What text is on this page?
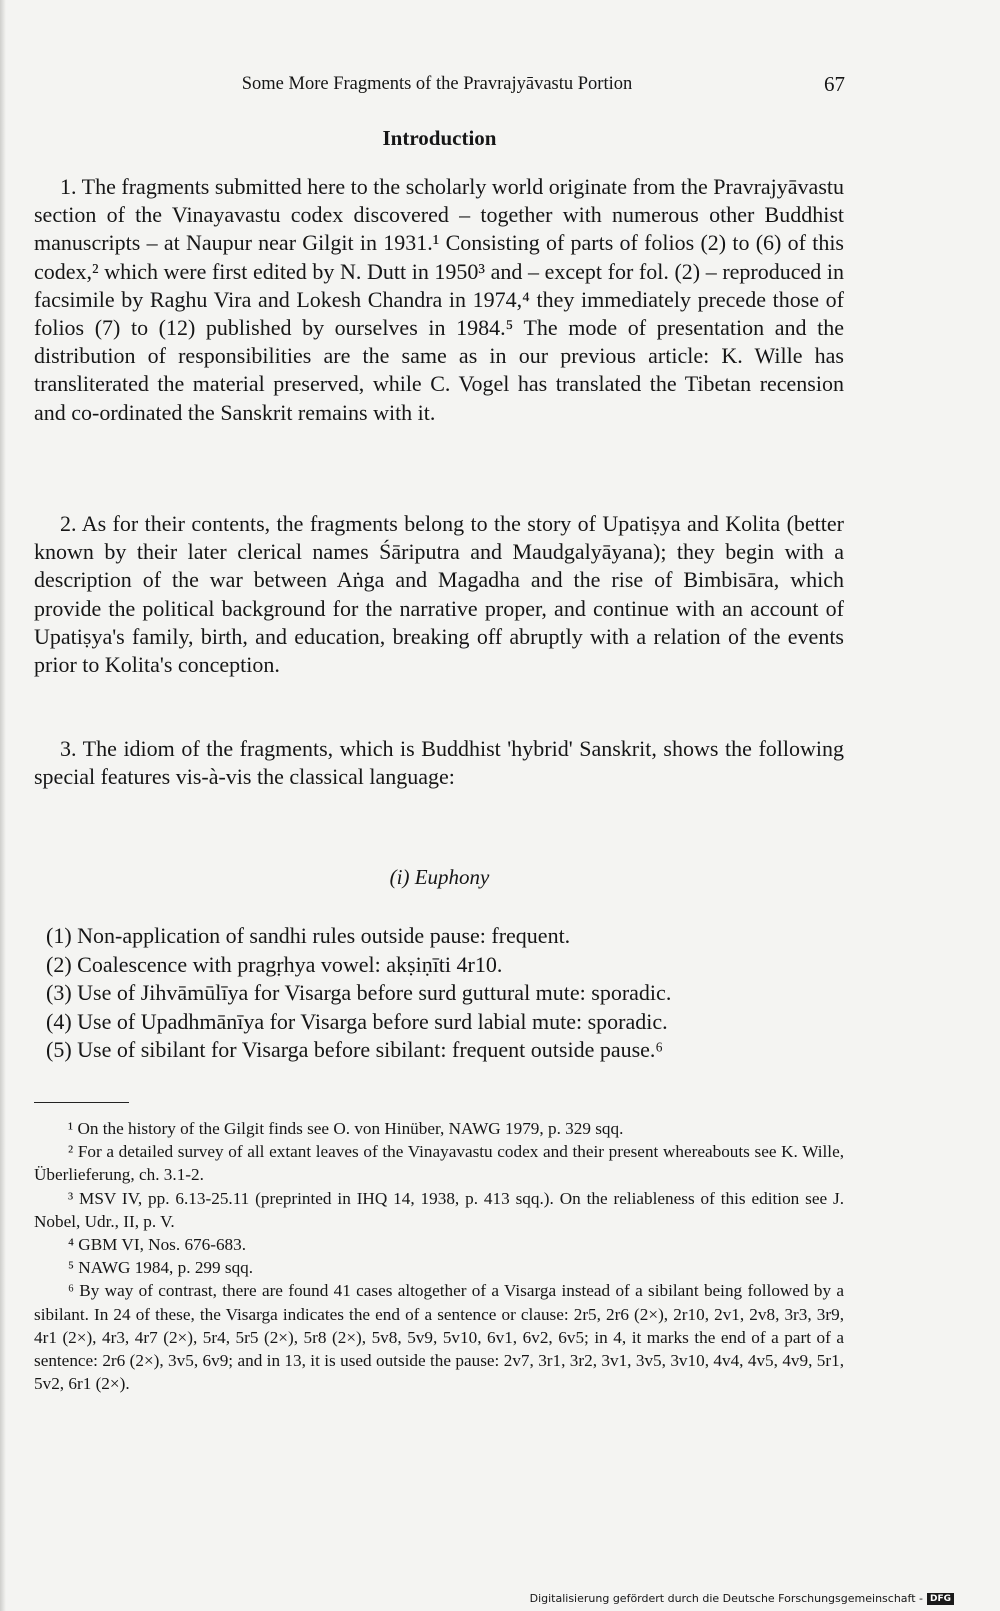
Some More Fragments of the Pravrajyāvastu Portion	67
Introduction

1. The fragments submitted here to the scholarly world originate from the Pravrajyāvastu section of the Vinayavastu codex discovered – together with numerous other Buddhist manuscripts – at Naupur near Gilgit in 1931.¹ Consisting of parts of folios (2) to (6) of this codex,² which were first edited by N. Dutt in 1950³ and – except for fol. (2) – reproduced in facsimile by Raghu Vira and Lokesh Chandra in 1974,⁴ they immediately precede those of folios (7) to (12) published by ourselves in 1984.⁵ The mode of presentation and the distribution of responsibilities are the same as in our previous article: K. Wille has transliterated the material preserved, while C. Vogel has translated the Tibetan recension and co-ordinated the Sanskrit remains with it.

2. As for their contents, the fragments belong to the story of Upatiṣya and Kolita (better known by their later clerical names Śāriputra and Maudgalyāyana); they begin with a description of the war between Aṅga and Magadha and the rise of Bimbisāra, which provide the political background for the narrative proper, and continue with an account of Upatiṣya's family, birth, and education, breaking off abruptly with a relation of the events prior to Kolita's conception.

3. The idiom of the fragments, which is Buddhist 'hybrid' Sanskrit, shows the following special features vis-à-vis the classical language:

(i) Euphony
(1) Non-application of sandhi rules outside pause: frequent.
(2) Coalescence with pragṛhya vowel: akṣiṇīti 4r10.
(3) Use of Jihvāmūlīya for Visarga before surd guttural mute: sporadic.
(4) Use of Upadhmānīya for Visarga before surd labial mute: sporadic.
(5) Use of sibilant for Visarga before sibilant: frequent outside pause.⁶

¹ On the history of the Gilgit finds see O. von Hinüber, NAWG 1979, p. 329 sqq.

² For a detailed survey of all extant leaves of the Vinayavastu codex and their present whereabouts see K. Wille, Überlieferung, ch. 3.1-2.

³ MSV IV, pp. 6.13-25.11 (preprinted in IHQ 14, 1938, p. 413 sqq.). On the reliableness of this edition see J. Nobel, Udr., II, p. V.

⁴ GBM VI, Nos. 676-683.

⁵ NAWG 1984, p. 299 sqq.

⁶ By way of contrast, there are found 41 cases altogether of a Visarga instead of a sibilant being followed by a sibilant. In 24 of these, the Visarga indicates the end of a sentence or clause: 2r5, 2r6 (2×), 2r10, 2v1, 2v8, 3r3, 3r9, 4r1 (2×), 4r3, 4r7 (2×), 5r4, 5r5 (2×), 5r8 (2×), 5v8, 5v9, 5v10, 6v1, 6v2, 6v5; in 4, it marks the end of a part of a sentence: 2r6 (2×), 3v5, 6v9; and in 13, it is used outside the pause: 2v7, 3r1, 3r2, 3v1, 3v5, 3v10, 4v4, 4v5, 4v9, 5r1, 5v2, 6r1 (2×).

Digitalisierung gefördert durch die Deutsche Forschungsgemeinschaft - DFG
